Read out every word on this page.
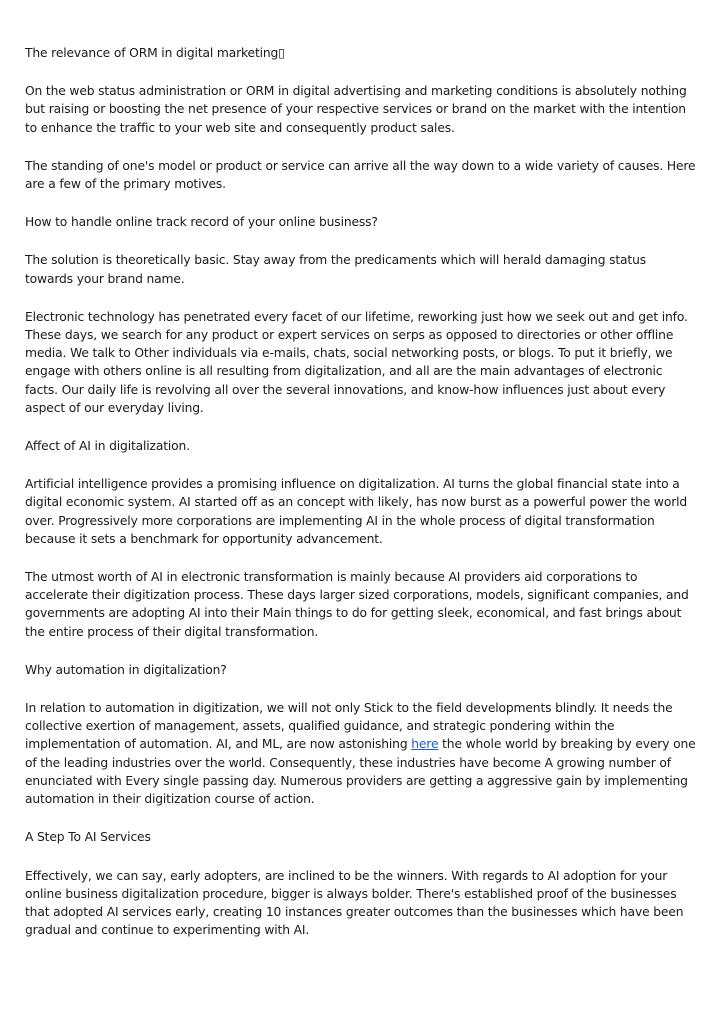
The relevance of ORM in digital marketing▯

On the web status administration or ORM in digital advertising and marketing conditions is absolutely nothing but raising or boosting the net presence of your respective services or brand on the market with the intention to enhance the traffic to your web site and consequently product sales.

The standing of one's model or product or service can arrive all the way down to a wide variety of causes. Here are a few of the primary motives.

How to handle online track record of your online business?

The solution is theoretically basic. Stay away from the predicaments which will herald damaging status towards your brand name.

Electronic technology has penetrated every facet of our lifetime, reworking just how we seek out and get info. These days, we search for any product or expert services on serps as opposed to directories or other offline media. We talk to Other individuals via e-mails, chats, social networking posts, or blogs. To put it briefly, we engage with others online is all resulting from digitalization, and all are the main advantages of electronic facts. Our daily life is revolving all over the several innovations, and know-how influences just about every aspect of our everyday living.

Affect of AI in digitalization.

Artificial intelligence provides a promising influence on digitalization. AI turns the global financial state into a digital economic system. AI started off as an concept with likely, has now burst as a powerful power the world over. Progressively more corporations are implementing AI in the whole process of digital transformation because it sets a benchmark for opportunity advancement.

The utmost worth of AI in electronic transformation is mainly because AI providers aid corporations to accelerate their digitization process. These days larger sized corporations, models, significant companies, and governments are adopting AI into their Main things to do for getting sleek, economical, and fast brings about the entire process of their digital transformation.

Why automation in digitalization?

In relation to automation in digitization, we will not only Stick to the field developments blindly. It needs the collective exertion of management, assets, qualified guidance, and strategic pondering within the implementation of automation. AI, and ML, are now astonishing here the whole world by breaking by every one of the leading industries over the world. Consequently, these industries have become A growing number of enunciated with Every single passing day. Numerous providers are getting a aggressive gain by implementing automation in their digitization course of action.

A Step To AI Services

Effectively, we can say, early adopters, are inclined to be the winners. With regards to AI adoption for your online business digitalization procedure, bigger is always bolder. There's established proof of the businesses that adopted AI services early, creating 10 instances greater outcomes than the businesses which have been gradual and continue to experimenting with AI.
